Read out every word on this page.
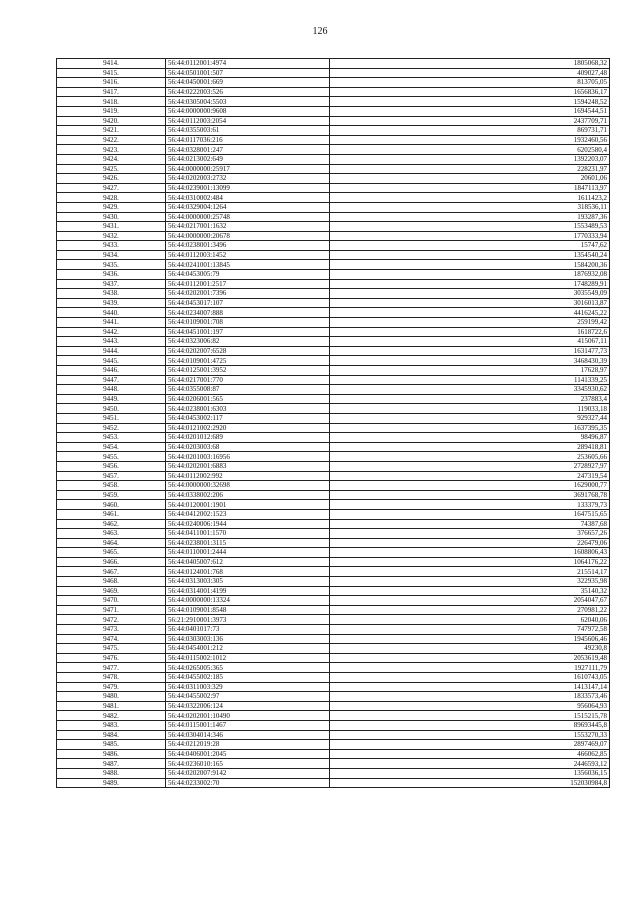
126
9414.	56:44:0112001:4974	1805068,32
9415.	56:44:0501001:507	409027,48
9416.	56:44:0450001:669	813705,05
9417.	56:44:0222003:526	1656836,17
9418.	56:44:0305004:5503	1594248,52
9419.	56:44:0000000:9608	1694544,51
9420.	56:44:0112003:2054	2437709,71
9421.	56:44:0355003:61	869731,71
9422.	56:44:0117036:216	1932460,56
9423.	56:44:0328001:247	6202580,4
9424.	56:44:0213002:649	1392203,07
9425.	56:44:0000000:25917	228231,97
9426.	56:44:0202003:2732	20601,06
9427.	56:44:0239001:13099	1847113,97
9428.	56:44:0310002:484	1611423,2
9429.	56:44:0329004:1264	318536,11
9430.	56:44:0000000:25748	193287,36
9431.	56:44:0217001:1632	1553489,53
9432.	56:44:0000000:20678	1770333,94
9433.	56:44:0238001:3496	15747,62
9434.	56:44:0112003:1452	1354540,24
9435.	56:44:0241001:13845	1584200,36
9436.	56:44:0453005:79	1876932,08
9437.	56:44:0112001:2517	1748289,91
9438.	56:44:0202001:7396	3035549,09
9439.	56:44:0453017:107	3016013,87
9440.	56:44:0234007:888	4416245,22
9441.	56:44:0109001:708	259199,42
9442.	56:44:0451001:197	1618722,6
9443.	56:44:0323006:82	415067,11
9444.	56:44:0202007:6528	1631477,73
9445.	56:44:0109001:4725	3468430,39
9446.	56:44:0125001:3952	17628,97
9447.	56:44:0217001:770	1141339,25
9448.	56:44:0355008:87	3345930,62
9449.	56:44:0206001:565	237883,4
9450.	56:44:0238001:6303	119033,18
9451.	56:44:0453002:117	929327,44
9452.	56:44:0121002:2920	1637395,35
9453.	56:44:0201012:689	98496,87
9454.	56:44:0203003:68	289418,81
9455.	56:44:0201003:16956	253605,66
9456.	56:44:0202001:6883	2728927,97
9457.	56:44:0112002:992	247319,54
9458.	56:44:0000000:32698	1629000,77
9459.	56:44:0338002:206	3691768,78
9460.	56:44:0120001:1901	133379,73
9461.	56:44:0412002:1523	1647515,65
9462.	56:44:0240006:1944	74387,68
9463.	56:44:0411001:1570	376657,26
9464.	56:44:0238001:3115	226479,06
9465.	56:44:0110001:2444	1608806,43
9466.	56:44:0405007:612	1064176,22
9467.	56:44:0124001:768	215514,17
9468.	56:44:0313003:305	322935,98
9469.	56:44:0314001:4199	35140,32
9470.	56:44:0000000:13324	2054047,67
9471.	56:44:0109001:8548	270981,22
9472.	56:21:2910001:3973	62040,06
9473.	56:44:0401017:73	747972,58
9474.	56:44:0303003:136	1945606,46
9475.	56:44:0454001:212	49230,8
9476.	56:44:0115002:1012	2053619,48
9477.	56:44:0265005:365	1927111,79
9478.	56:44:0455002:185	1610743,05
9479.	56:44:0311003:329	1413147,14
9480.	56:44:0455002:97	1833573,46
9481.	56:44:0322006:124	956064,93
9482.	56:44:0202001:10490	1515215,78
9483.	56:44:0115001:1467	89693445,8
9484.	56:44:0304014:346	1553270,33
9485.	56:44:0212019:28	2897469,07
9486.	56:44:0406001:2045	466062,85
9487.	56:44:0236010:165	2446593,12
9488.	56:44:0202007:9142	1356036,15
9489.	56:44:0233002:70	152030984,8
